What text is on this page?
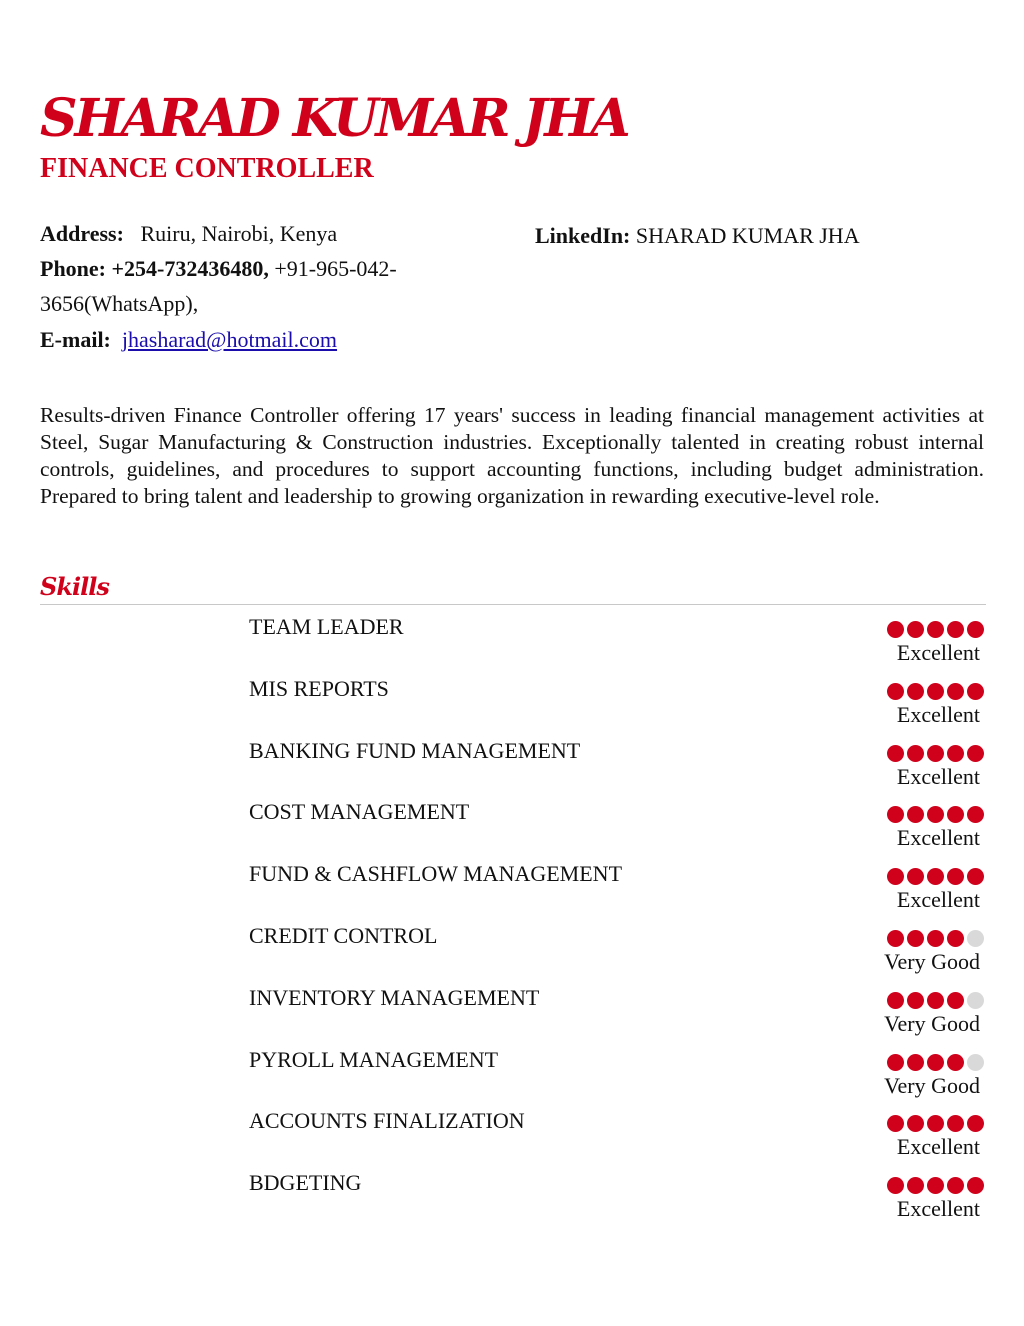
SHARAD KUMAR JHA
FINANCE CONTROLLER
Address: Ruiru, Nairobi, Kenya	LinkedIn: SHARAD KUMAR JHA
Phone: +254-732436480, +91-965-042-
3656(WhatsApp),
E-mail: jhasharad@hotmail.com

Results-driven Finance Controller offering 17 years' success in leading financial management activities at Steel, Sugar Manufacturing & Construction industries. Exceptionally talented in creating robust internal controls, guidelines, and procedures to support accounting functions, including budget administration. Prepared to bring talent and leadership to growing organization in rewarding executive-level role.

Skills
TEAM LEADER
Excellent
MIS REPORTS
Excellent
BANKING FUND MANAGEMENT
Excellent
COST MANAGEMENT
Excellent
FUND & CASHFLOW MANAGEMENT
Excellent
CREDIT CONTROL
Very Good
INVENTORY MANAGEMENT
Very Good
PYROLL MANAGEMENT
Very Good
ACCOUNTS FINALIZATION
Excellent
BDGETING
Excellent
